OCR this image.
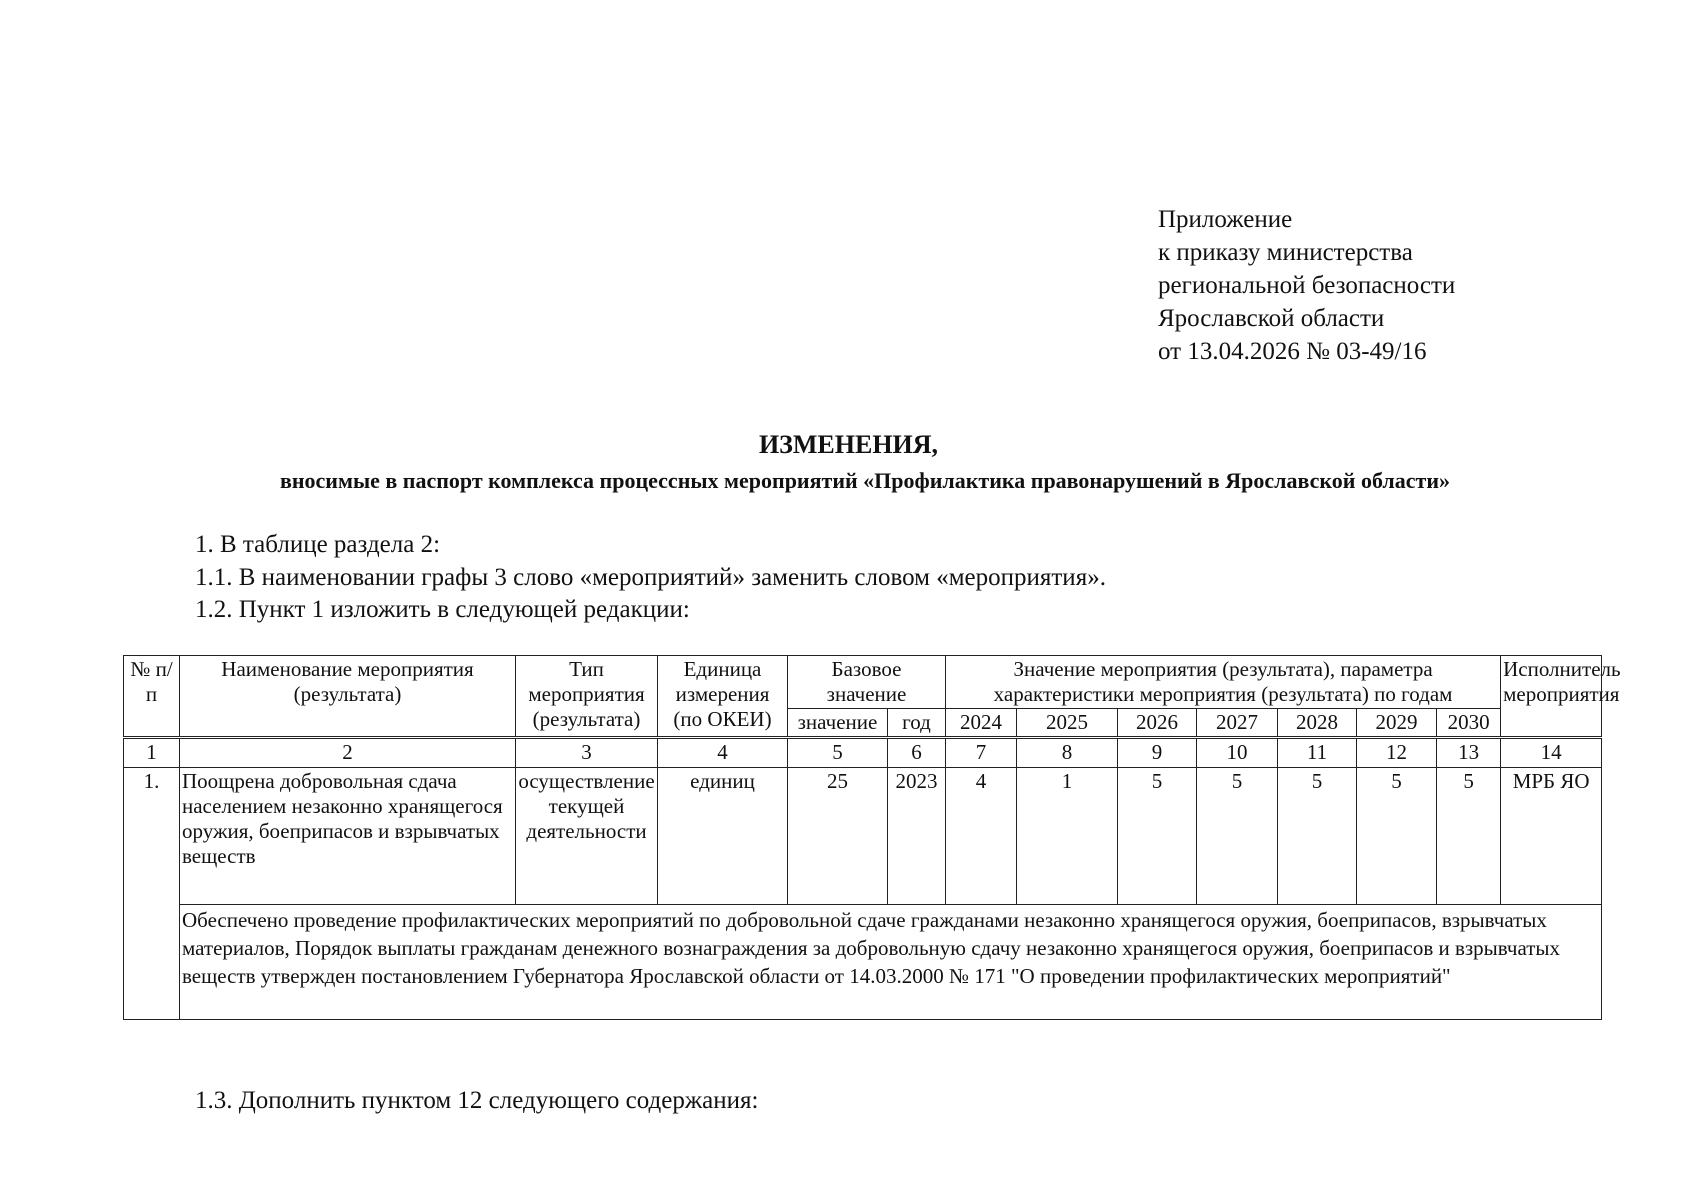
Приложение
к приказу министерства
региональной безопасности
Ярославской области
от 13.04.2026 № 03-49/16
ИЗМЕНЕНИЯ,
вносимые в паспорт комплекса процессных мероприятий «Профилактика правонарушений в Ярославской области»
1. В таблице раздела 2:
1.1. В наименовании графы 3 слово «мероприятий» заменить словом «мероприятия».
1.2. Пункт 1 изложить в следующей редакции:
№ п/п	Наименование мероприятия (результата)	Тип мероприятия (результата)	Единица измерения (по ОКЕИ)	Базовое значение		Значение мероприятия (результата), параметра характеристики мероприятия (результата) по годам							Исполнитель мероприятия
				значение	год	2024	2025	2026	2027	2028	2029	2030	
1	2	3	4	5	6	7	8	9	10	11	12	13	14
1.	Поощрена добровольная сдача населением незаконно хранящегося оружия, боеприпасов и взрывчатых веществ	осуществление текущей деятельности	единиц	25	2023	4	1	5	5	5	5	5	МРБ ЯО
	Обеспечено проведение профилактических мероприятий по добровольной сдаче гражданами незаконно хранящегося оружия, боеприпасов, взрывчатых материалов, Порядок выплаты гражданам денежного вознаграждения за добровольную сдачу незаконно хранящегося оружия, боеприпасов и взрывчатых веществ утвержден постановлением Губернатора Ярославской области от 14.03.2000 № 171 "О проведении профилактических мероприятий"												
1.3. Дополнить пунктом 12 следующего содержания:
